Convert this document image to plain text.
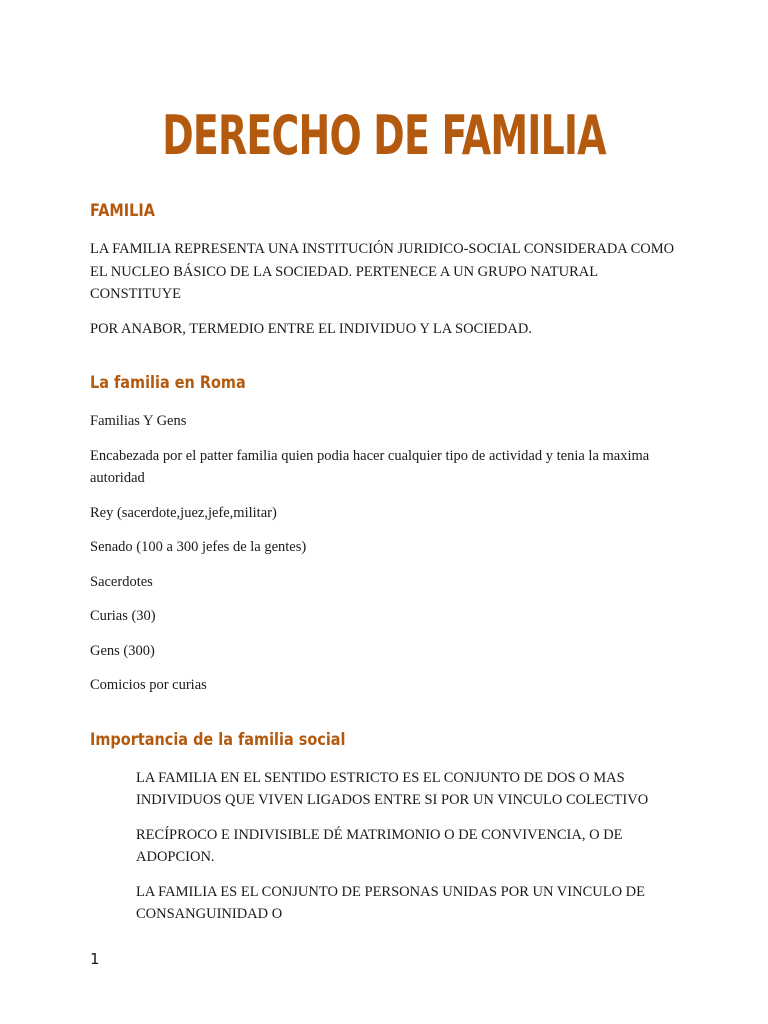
DERECHO DE FAMILIA
FAMILIA

LA FAMILIA REPRESENTA UNA INSTITUCIÓN JURIDICO-SOCIAL CONSIDERADA COMO EL NUCLEO BÁSICO DE LA SOCIEDAD. PERTENECE A UN GRUPO NATURAL CONSTITUYE

POR ANABOR, TERMEDIO ENTRE EL INDIVIDUO Y LA SOCIEDAD.

La familia en Roma

Familias Y Gens

Encabezada por el patter familia quien podia hacer cualquier tipo de actividad y tenia la maxima autoridad

Rey (sacerdote,juez,jefe,militar)

Senado (100 a 300 jefes de la gentes)

Sacerdotes

Curias (30)

Gens (300)

Comicios por curias

Importancia de la familia social

LA FAMILIA EN EL SENTIDO ESTRICTO ES EL CONJUNTO DE DOS O MAS INDIVIDUOS QUE VIVEN LIGADOS ENTRE SI POR UN VINCULO COLECTIVO

RECÍPROCO E INDIVISIBLE DÉ MATRIMONIO O DE CONVIVENCIA, O DE ADOPCION.

LA FAMILIA ES EL CONJUNTO DE PERSONAS UNIDAS POR UN VINCULO DE CONSANGUINIDAD O

1
